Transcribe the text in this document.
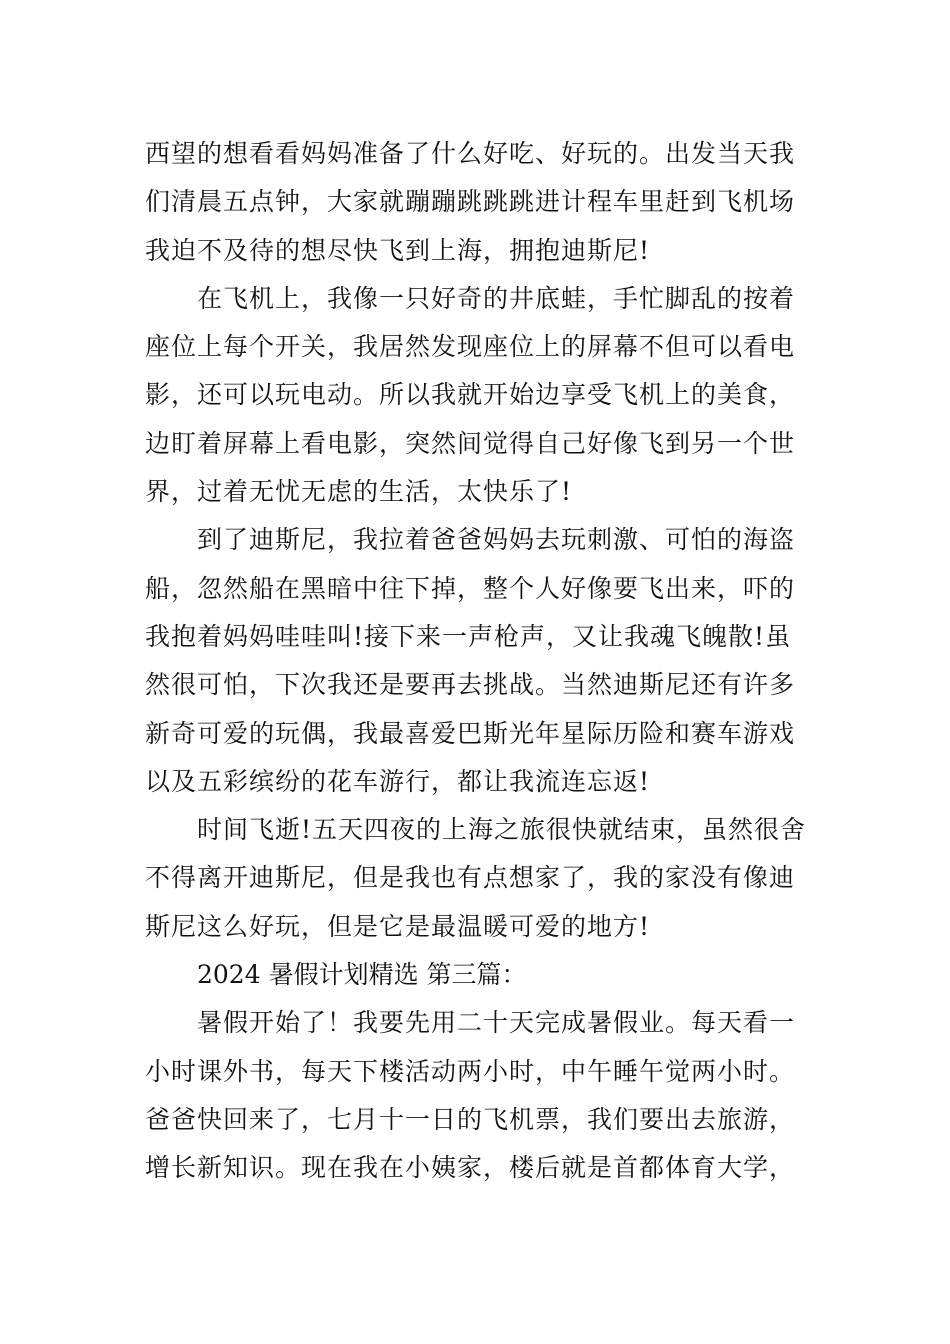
西望的想看看妈妈准备了什么好吃、好玩的。出发当天我
们清晨五点钟，大家就蹦蹦跳跳跳进计程车里赶到飞机场
我迫不及待的想尽快飞到上海，拥抱迪斯尼!
在飞机上，我像一只好奇的井底蛙，手忙脚乱的按着
座位上每个开关，我居然发现座位上的屏幕不但可以看电
影，还可以玩电动。所以我就开始边享受飞机上的美食，
边盯着屏幕上看电影，突然间觉得自己好像飞到另一个世
界，过着无忧无虑的生活，太快乐了!
到了迪斯尼，我拉着爸爸妈妈去玩刺激、可怕的海盗
船，忽然船在黑暗中往下掉，整个人好像要飞出来，吓的
我抱着妈妈哇哇叫!接下来一声枪声，又让我魂飞魄散!虽
然很可怕，下次我还是要再去挑战。当然迪斯尼还有许多
新奇可爱的玩偶，我最喜爱巴斯光年星际历险和赛车游戏
以及五彩缤纷的花车游行，都让我流连忘返!
时间飞逝!五天四夜的上海之旅很快就结束，虽然很舍
不得离开迪斯尼，但是我也有点想家了，我的家没有像迪
斯尼这么好玩，但是它是最温暖可爱的地方!
2024 暑假计划精选 第三篇：
暑假开始了！我要先用二十天完成暑假业。每天看一
小时课外书，每天下楼活动两小时，中午睡午觉两小时。
爸爸快回来了，七月十一日的飞机票，我们要出去旅游，
增长新知识。现在我在小姨家，楼后就是首都体育大学，
